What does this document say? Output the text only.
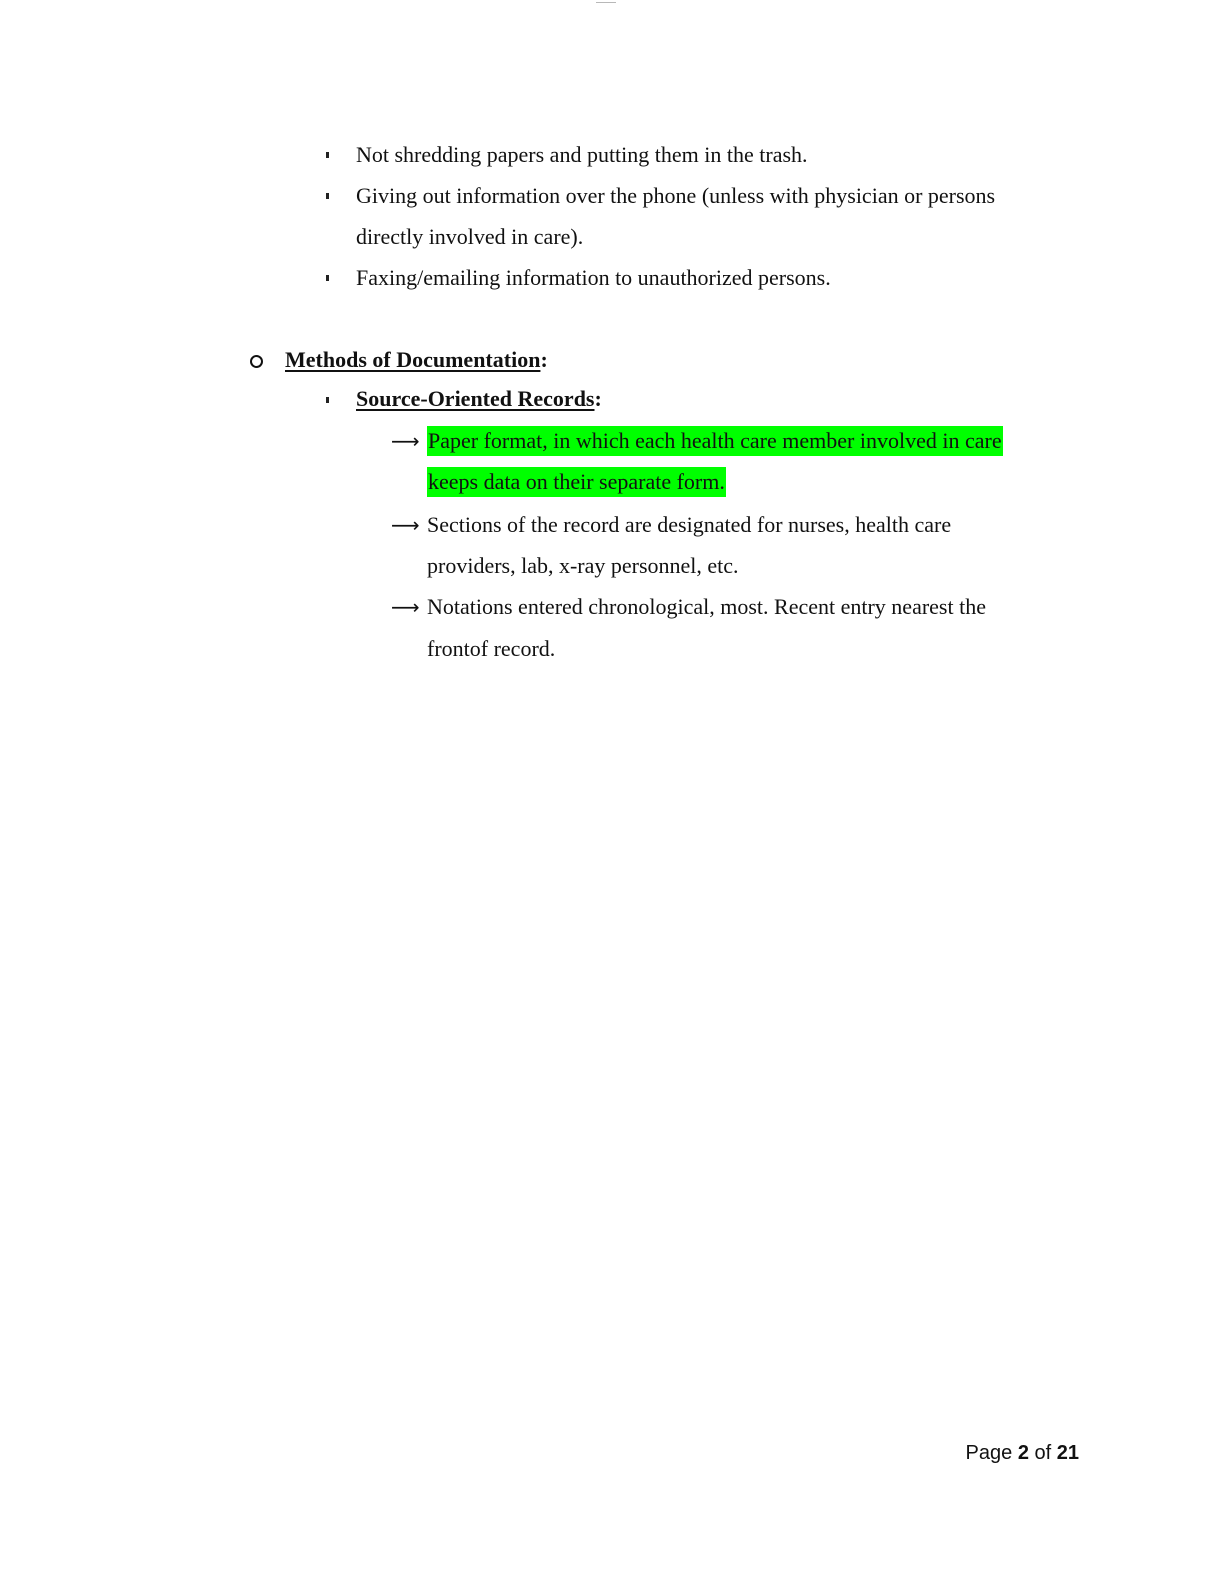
Not shredding papers and putting them in the trash.
Giving out information over the phone (unless with physician or persons
directly involved in care).
Faxing/emailing information to unauthorized persons.
Methods of Documentation:
Source-Oriented Records:
⟶ Paper format, in which each health care member involved in care
keeps data on their separate form.
⟶ Sections of the record are designated for nurses, health care
providers, lab, x-ray personnel, etc.
⟶ Notations entered chronological, most. Recent entry nearest the
frontof record.
Page 2 of 21
